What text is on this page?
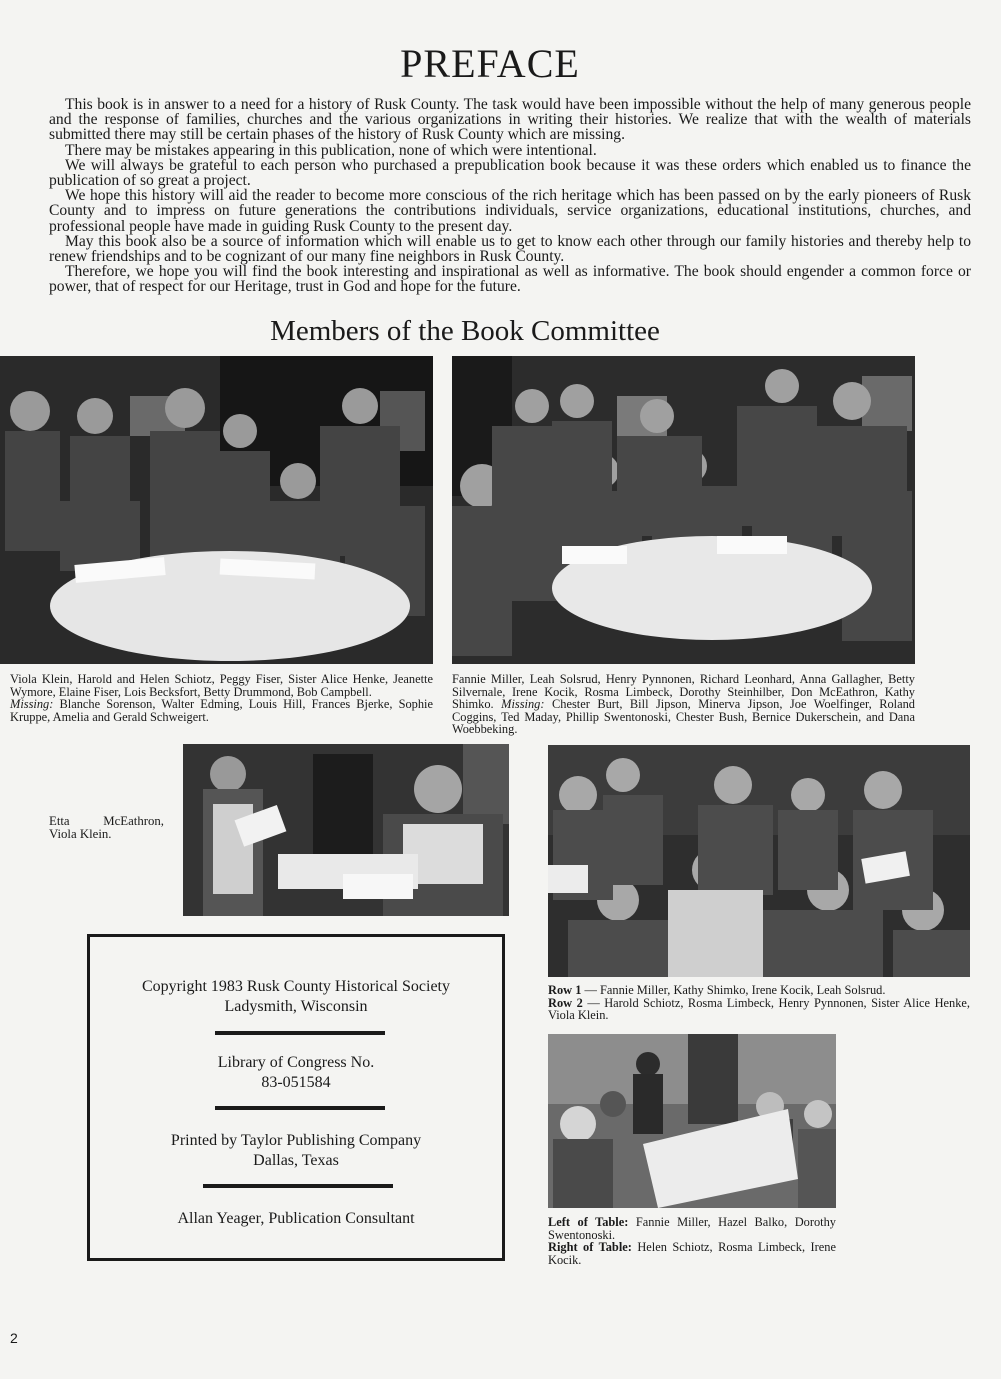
PREFACE

This book is in answer to a need for a history of Rusk County. The task would have been impossible without the help of many generous people and the response of families, churches and the various organizations in writing their histories. We realize that with the wealth of materials submitted there may still be certain phases of the history of Rusk County which are missing.

There may be mistakes appearing in this publication, none of which were intentional.

We will always be grateful to each person who purchased a prepublication book because it was these orders which enabled us to finance the publication of so great a project.

We hope this history will aid the reader to become more conscious of the rich heritage which has been passed on by the early pioneers of Rusk County and to impress on future generations the contributions individuals, service organizations, educational institutions, churches, and professional people have made in guiding Rusk County to the present day.

May this book also be a source of information which will enable us to get to know each other through our family histories and thereby help to renew friendships and to be cognizant of our many fine neighbors in Rusk County.

Therefore, we hope you will find the book interesting and inspirational as well as informative. The book should engender a common force or power, that of respect for our Heritage, trust in God and hope for the future.

Members of the Book Committee

Viola Klein, Harold and Helen Schiotz, Peggy Fiser, Sister Alice Henke, Jeanette Wymore, Elaine Fiser, Lois Becksfort, Betty Drummond, Bob Campbell.

Missing: Blanche Sorenson, Walter Edming, Louis Hill, Frances Bjerke, Sophie Kruppe, Amelia and Gerald Schweigert.

Fannie Miller, Leah Solsrud, Henry Pynnonen, Richard Leonhard, Anna Gallagher, Betty Silvernale, Irene Kocik, Rosma Limbeck, Dorothy Steinhilber, Don McEathron, Kathy Shimko. Missing: Chester Burt, Bill Jipson, Minerva Jipson, Joe Woelfinger, Roland Coggins, Ted Maday, Phillip Swentonoski, Chester Bush, Bernice Dukerschein, and Dana Woebbeking.

Etta McEathron, Viola Klein.

Row 1 — Fannie Miller, Kathy Shimko, Irene Kocik, Leah Solsrud.

Row 2 — Harold Schiotz, Rosma Limbeck, Henry Pynnonen, Sister Alice Henke, Viola Klein.

Left of Table: Fannie Miller, Hazel Balko, Dorothy Swentonoski.

Right of Table: Helen Schiotz, Rosma Limbeck, Irene Kocik.

Copyright 1983 Rusk County Historical Society
Ladysmith, Wisconsin
Library of Congress No.
83-051584
Printed by Taylor Publishing Company
Dallas, Texas
Allan Yeager, Publication Consultant
2
